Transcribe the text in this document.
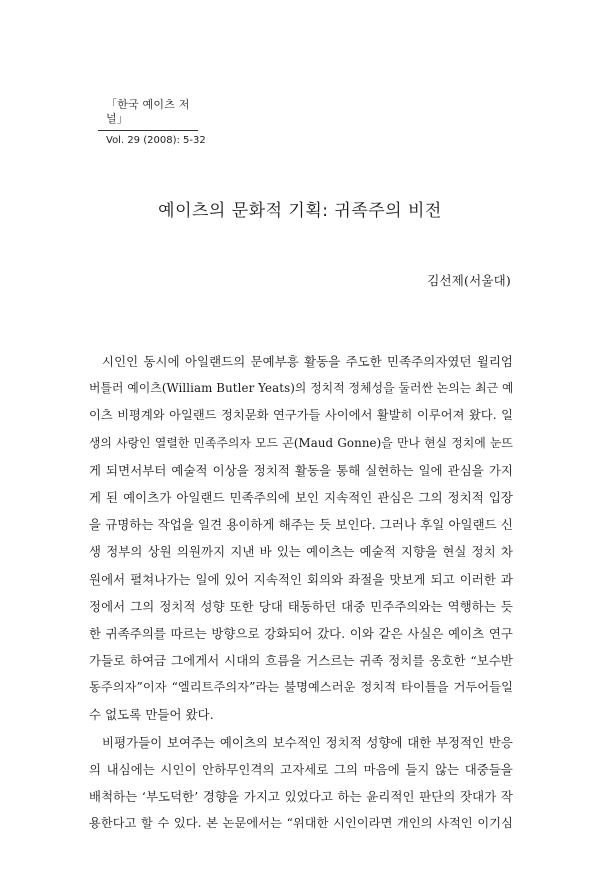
「한국 예이츠 저널」
Vol. 29 (2008): 5-32
예이츠의 문화적 기획: 귀족주의 비전
김선제(서울대)
시인인 동시에 아일랜드의 문예부흥 활동을 주도한 민족주의자였던 윌리엄
버틀러 예이츠(William Butler Yeats)의 정치적 정체성을 둘러싼 논의는 최근 예
이츠 비평계와 아일랜드 정치문화 연구가들 사이에서 활발히 이루어져 왔다. 일
생의 사랑인 열렬한 민족주의자 모드 곤(Maud Gonne)을 만나 현실 정치에 눈뜨
게 되면서부터 예술적 이상을 정치적 활동을 통해 실현하는 일에 관심을 가지
게 된 예이츠가 아일랜드 민족주의에 보인 지속적인 관심은 그의 정치적 입장
을 규명하는 작업을 일견 용이하게 해주는 듯 보인다. 그러나 후일 아일랜드 신
생 정부의 상원 의원까지 지낸 바 있는 예이츠는 예술적 지향을 현실 정치 차
원에서 펼쳐나가는 일에 있어 지속적인 회의와 좌절을 맛보게 되고 이러한 과
정에서 그의 정치적 성향 또한 당대 태동하던 대중 민주주의와는 역행하는 듯
한 귀족주의를 따르는 방향으로 강화되어 갔다. 이와 같은 사실은 예이츠 연구
가들로 하여금 그에게서 시대의 흐름을 거스르는 귀족 정치를 옹호한 “보수반
동주의자”이자 “엘리트주의자”라는 불명예스러운 정치적 타이틀을 거두어들일
수 없도록 만들어 왔다.
비평가들이 보여주는 예이츠의 보수적인 정치적 성향에 대한 부정적인 반응
의 내심에는 시인이 안하무인격의 고자세로 그의 마음에 들지 않는 대중들을
배척하는 ‘부도덕한’ 경향을 가지고 있었다고 하는 윤리적인 판단의 잣대가 작
용한다고 할 수 있다. 본 논문에서는 “위대한 시인이라면 개인의 사적인 이기심
